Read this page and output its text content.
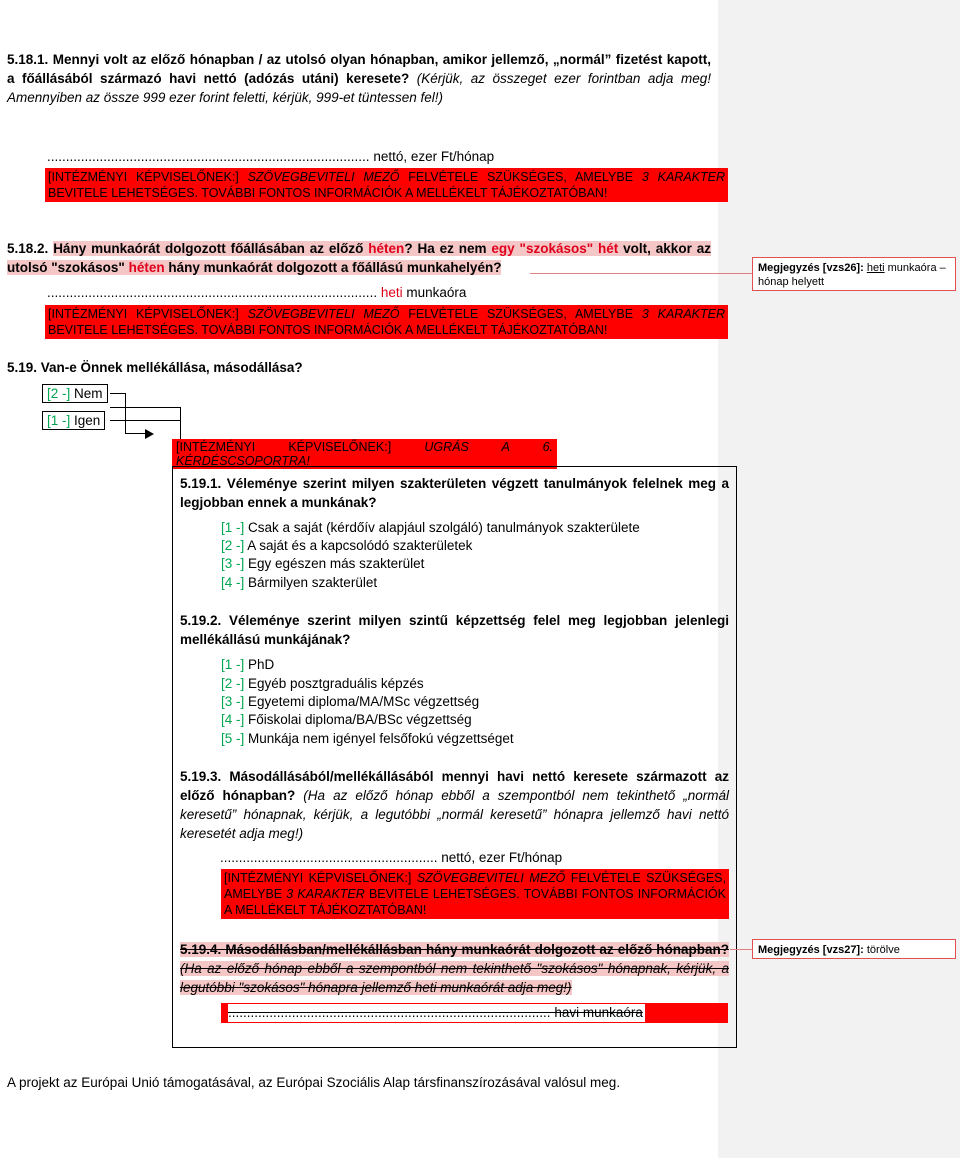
5.18.1. Mennyi volt az előző hónapban / az utolsó olyan hónapban, amikor jellemző, „normál” fizetést kapott, a főállásából származó havi nettó (adózás utáni) keresete? (Kérjük, az összeget ezer forintban adja meg! Amennyiben az össze 999 ezer forint feletti, kérjük, 999-et tüntessen fel!)
...................................................................................... nettó, ezer Ft/hónap
[INTÉZMÉNYI KÉPVISELŐNEK:] SZÖVEGBEVITELI MEZŐ FELVÉTELE SZÜKSÉGES, AMELYBE 3 KARAKTER BEVITELE LEHETSÉGES. TOVÁBBI FONTOS INFORMÁCIÓK A MELLÉKELT TÁJÉKOZTATÓBAN!
5.18.2. Hány munkaórát dolgozott főállásában az előző héten? Ha ez nem egy "szokásos" hét volt, akkor az utolsó "szokásos" héten hány munkaórát dolgozott a főállású munkahelyén?
........................................................................................ heti munkaóra
[INTÉZMÉNYI KÉPVISELŐNEK:] SZÖVEGBEVITELI MEZŐ FELVÉTELE SZÜKSÉGES, AMELYBE 3 KARAKTER BEVITELE LEHETSÉGES. TOVÁBBI FONTOS INFORMÁCIÓK A MELLÉKELT TÁJÉKOZTATÓBAN!
Megjegyzés [vzs26]: heti munkaóra – hónap helyett
5.19. Van-e Önnek mellékállása, másodállása?
[2 -] Nem
[1 -] Igen
[INTÉZMÉNYI KÉPVISELŐNEK:]	UGRÁS A 6. KÉRDÉSCSOPORTRA!
5.19.1. Véleménye szerint milyen szakterületen végzett tanulmányok felelnek meg a legjobban ennek a munkának?
[1 -] Csak a saját (kérdőív alapjául szolgáló) tanulmányok szakterülete
[2 -] A saját és a kapcsolódó szakterületek
[3 -] Egy egészen más szakterület
[4 -] Bármilyen szakterület
5.19.2. Véleménye szerint milyen szintű képzettség felel meg legjobban jelenlegi mellékállású munkájának?
[1 -] PhD
[2 -] Egyéb posztgraduális képzés
[3 -] Egyetemi diploma/MA/MSc végzettség
[4 -] Főiskolai diploma/BA/BSc végzettség
[5 -] Munkája nem igényel felsőfokú végzettséget
5.19.3. Másodállásából/mellékállásából mennyi havi nettó keresete származott az előző hónapban? (Ha az előző hónap ebből a szempontból nem tekinthető „normál keresetű” hónapnak, kérjük, a legutóbbi „normál keresetű” hónapra jellemző havi nettó keresetét adja meg!)
.......................................................... nettó, ezer Ft/hónap
[INTÉZMÉNYI KÉPVISELŐNEK:] SZÖVEGBEVITELI MEZŐ FELVÉTELE SZÜKSÉGES, AMELYBE 3 KARAKTER BEVITELE LEHETSÉGES. TOVÁBBI FONTOS INFORMÁCIÓK A MELLÉKELT TÁJÉKOZTATÓBAN!
5.19.4. Másodállásban/mellékállásban hány munkaórát dolgozott az előző hónapban? (Ha az előző hónap ebből a szempontból nem tekinthető "szokásos" hónapnak, kérjük, a legutóbbi "szokásos" hónapra jellemző heti munkaórát adja meg!)
...................................................................................... havi munkaóra
Megjegyzés [vzs27]: törölve
A projekt az Európai Unió támogatásával, az Európai Szociális Alap társfinanszírozásával valósul meg.
